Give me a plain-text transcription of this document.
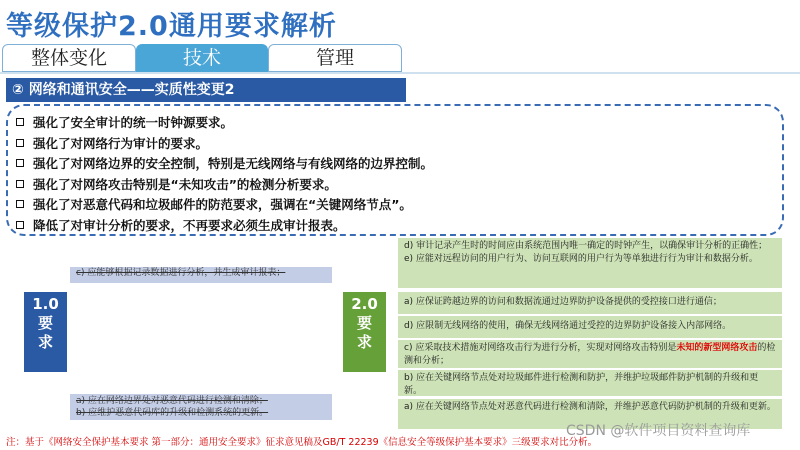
等级保护2.0通用要求解析
整体变化	技术	管理
② 网络和通讯安全——实质性变更2
强化了安全审计的统一时钟源要求。
强化了对网络行为审计的要求。
强化了对网络边界的安全控制，特别是无线网络与有线网络的边界控制。
强化了对网络攻击特别是“未知攻击”的检测分析要求。
强化了对恶意代码和垃圾邮件的防范要求，强调在“关键网络节点”。
降低了对审计分析的要求，不再要求必须生成审计报表。
c) 应能够根据记录数据进行分析，并生成审计报表；
1.0
要
求
2.0
要
求
a) 应在网络边界处对恶意代码进行检测和清除；
b) 应维护恶意代码库的升级和检测系统的更新。
d) 审计记录产生时的时间应由系统范围内唯一确定的时钟产生，以确保审计分析的正确性；
e) 应能对远程访问的用户行为、访问互联网的用户行为等单独进行行为审计和数据分析。
a) 应保证跨越边界的访问和数据流通过边界防护设备提供的受控接口进行通信；
d) 应限制无线网络的使用，确保无线网络通过受控的边界防护设备接入内部网络。
c) 应采取技术措施对网络攻击行为进行分析，实现对网络攻击特别是未知的新型网络攻击的检测和分析；
b) 应在关键网络节点处对垃圾邮件进行检测和防护，并维护垃圾邮件防护机制的升级和更新。
a) 应在关键网络节点处对恶意代码进行检测和清除，并维护恶意代码防护机制的升级和更新。
注：基于《网络安全保护基本要求 第一部分：通用安全要求》征求意见稿及GB/T 22239《信息安全等级保护基本要求》三级要求对比分析。
CSDN @软件项目资料查询库
